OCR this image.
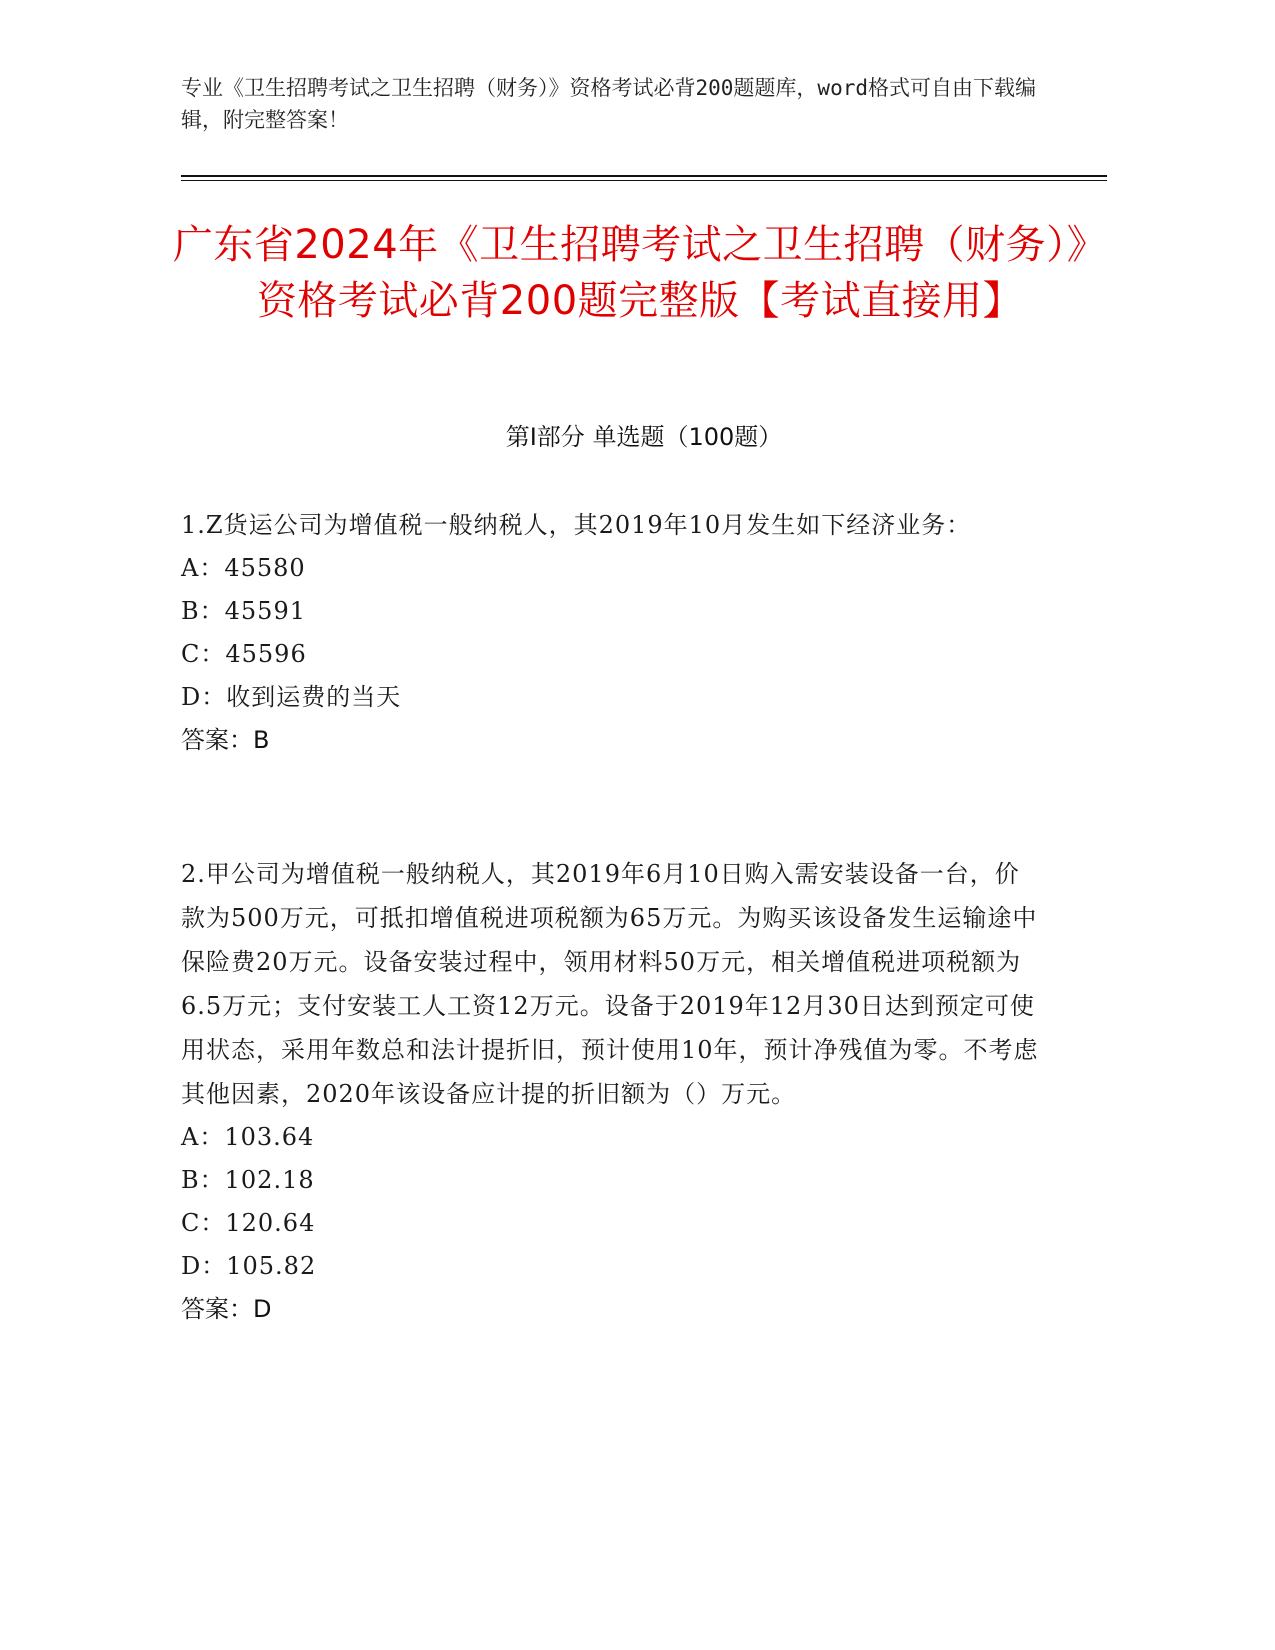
专业《卫生招聘考试之卫生招聘（财务）》资格考试必背200题题库，word格式可自由下载编辑，附完整答案！
广东省2024年《卫生招聘考试之卫生招聘（财务）》资格考试必背200题完整版【考试直接用】
第I部分 单选题（100题）
1.Z货运公司为增值税一般纳税人，其2019年10月发生如下经济业务：
A：45580
B：45591
C：45596
D：收到运费的当天
答案：B
2.甲公司为增值税一般纳税人，其2019年6月10日购入需安装设备一台，价款为500万元，可抵扣增值税进项税额为65万元。为购买该设备发生运输途中保险费20万元。设备安装过程中，领用材料50万元，相关增值税进项税额为6.5万元；支付安装工人工资12万元。设备于2019年12月30日达到预定可使用状态，采用年数总和法计提折旧，预计使用10年，预计净残值为零。不考虑其他因素，2020年该设备应计提的折旧额为（）万元。
A：103.64
B：102.18
C：120.64
D：105.82
答案：D
